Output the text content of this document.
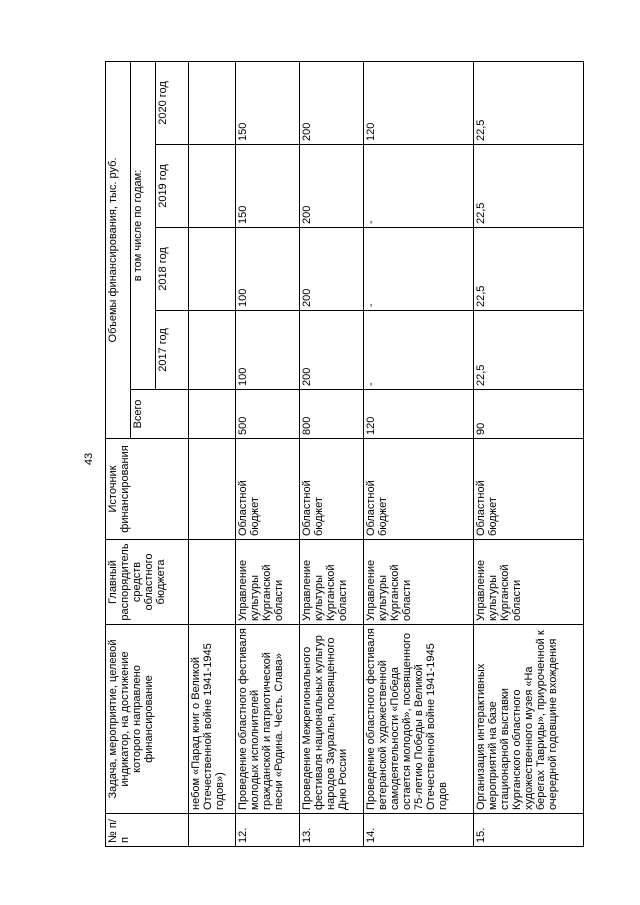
43
№ п/п	Задача, мероприятие, целевой индикатор, на достижение которого направлено финансирование	Главный распорядитель средств областного бюджета	Источник финансирования	Объемы финансирования, тыс. руб.				
				Всего	в том числе по годам:			
					2017 год	2018 год	2019 год	2020 год
	небом «Парад книг о Великой Отечественной войне 1941-1945 годов»)							
12.	Проведение областного фестиваля молодых исполнителей гражданской и патриотической песни «Родина. Честь. Слава»	Управление культуры Курганской области	Областной бюджет	500	100	100	150	150
13.	Проведение Межрегионального фестиваля национальных культур народов Зауралья, посвященного Дню России	Управление культуры Курганской области	Областной бюджет	800	200	200	200	200
14.	Проведение областного фестиваля ветеранской художественной самодеятельности «Победа остается молодой», посвященного 75-летию Победы в Великой Отечественной войне 1941-1945 годов	Управление культуры Курганской области	Областной бюджет	120	-	-	-	120
15.	Организация интерактивных мероприятий на базе стационарной выставки Курганского областного художественного музея «На берегах Тавриды», приуроченной к очередной годовщине вхождения	Управление культуры Курганской области	Областной бюджет	90	22,5	22,5	22,5	22,5
